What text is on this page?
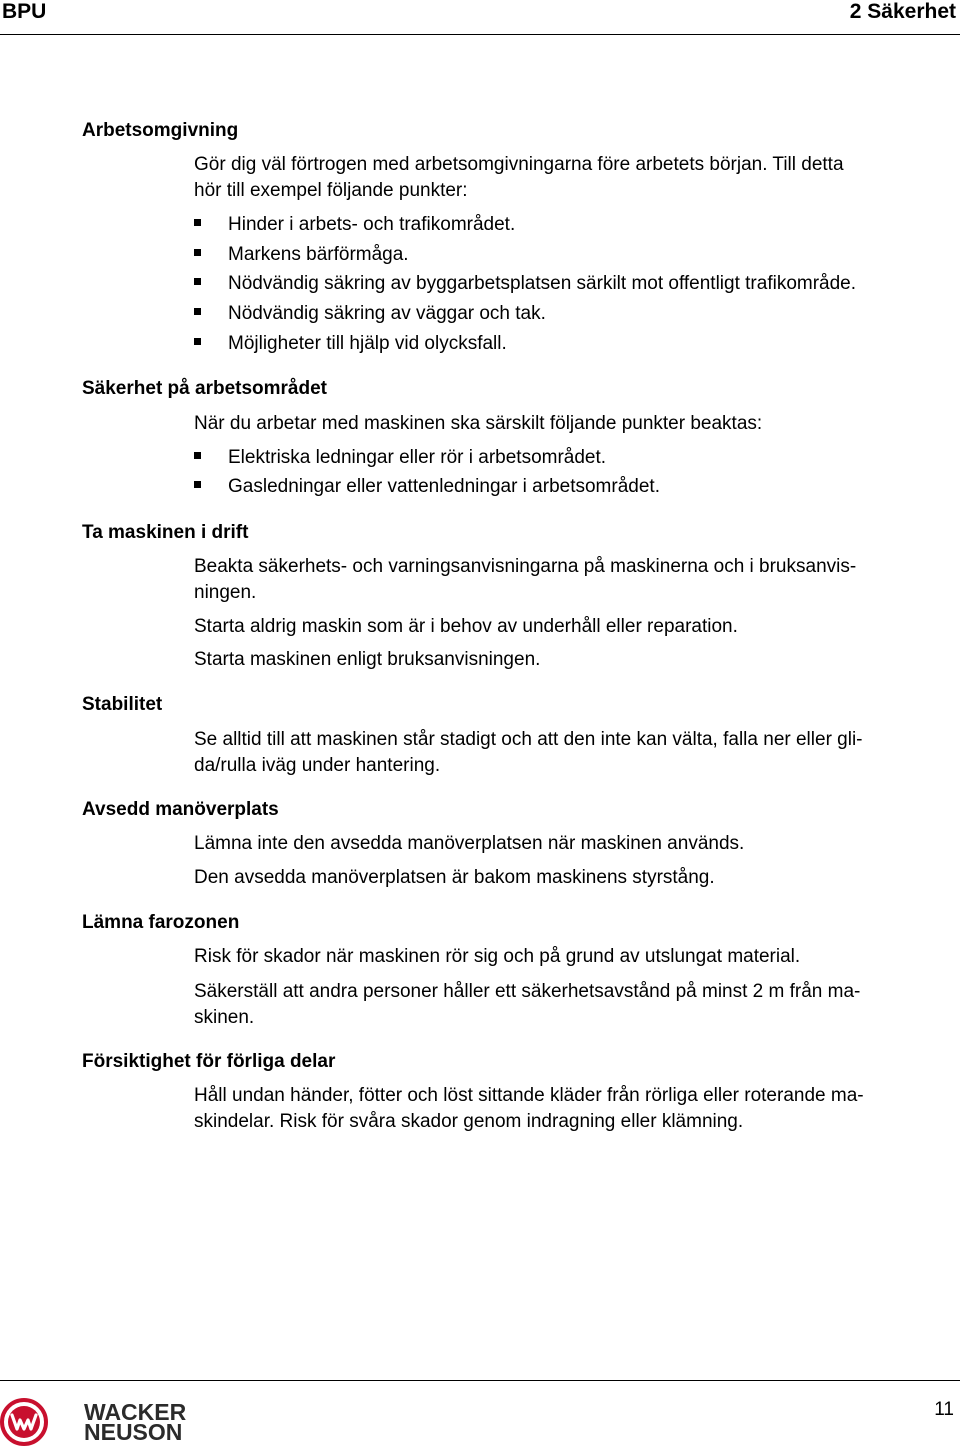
BPU	2 Säkerhet
Arbetsomgivning
Gör dig väl förtrogen med arbetsomgivningarna före arbetets början. Till detta
hör till exempel följande punkter:
Hinder i arbets- och trafikområdet.
Markens bärförmåga.
Nödvändig säkring av byggarbetsplatsen särkilt mot offentligt trafikområde.
Nödvändig säkring av väggar och tak.
Möjligheter till hjälp vid olycksfall.
Säkerhet på arbetsområdet
När du arbetar med maskinen ska särskilt följande punkter beaktas:
Elektriska ledningar eller rör i arbetsområdet.
Gasledningar eller vattenledningar i arbetsområdet.
Ta maskinen i drift
Beakta säkerhets- och varningsanvisningarna på maskinerna och i bruksanvis-
ningen.
Starta aldrig maskin som är i behov av underhåll eller reparation.
Starta maskinen enligt bruksanvisningen.
Stabilitet
Se alltid till att maskinen står stadigt och att den inte kan välta, falla ner eller gli-
da/rulla iväg under hantering.
Avsedd manöverplats
Lämna inte den avsedda manöverplatsen när maskinen används.
Den avsedda manöverplatsen är bakom maskinens styrstång.
Lämna farozonen
Risk för skador när maskinen rör sig och på grund av utslungat material.
Säkerställ att andra personer håller ett säkerhetsavstånd på minst 2 m från ma-
skinen.
Försiktighet för förliga delar
Håll undan händer, fötter och löst sittande kläder från rörliga eller roterande ma-
skindelar. Risk för svåra skador genom indragning eller klämning.
WACKER
NEUSON
11
